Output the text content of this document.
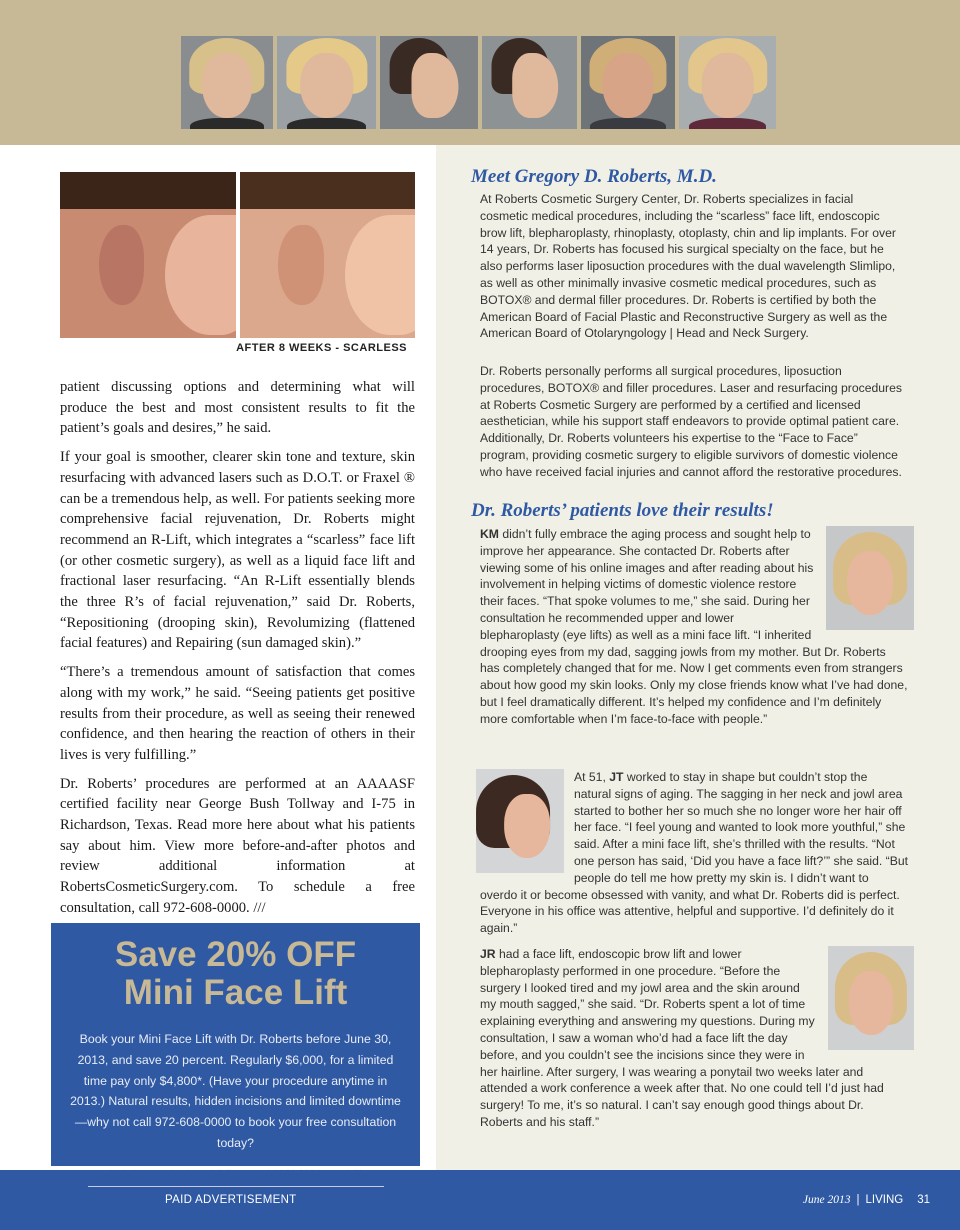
AFTER 8 WEEKS - SCARLESS

patient discussing options and determining what will produce the best and most consistent results to fit the patient’s goals and desires,” he said.

If your goal is smoother, clearer skin tone and texture, skin resurfacing with advanced lasers such as D.O.T. or Fraxel ® can be a tremendous help, as well. For patients seeking more comprehensive facial rejuvenation, Dr. Roberts might recommend an R-Lift, which integrates a “scarless” face lift (or other cosmetic surgery), as well as a liquid face lift and fractional laser resurfacing. “An R-Lift essentially blends the three R’s of facial rejuvenation,” said Dr. Roberts, “Repositioning (drooping skin), Revolumizing (flattened facial features) and Repairing (sun damaged skin).”

“There’s a tremendous amount of satisfaction that comes along with my work,” he said. “Seeing patients get positive results from their procedure, as well as seeing their renewed confidence, and then hearing the reaction of others in their lives is very fulfilling.”

Dr. Roberts’ procedures are performed at an AAAASF certified facility near George Bush Tollway and I-75 in Richardson, Texas. Read more here about what his patients say about him. View more before-and-after photos and review additional information at RobertsCosmeticSurgery.com. To schedule a free consultation, call 972-608-0000. ///

Save 20% OFF
Mini Face Lift
Book your Mini Face Lift with Dr. Roberts before June 30, 2013, and save 20 percent. Regularly $6,000, for a limited time pay only $4,800*. (Have your procedure anytime in 2013.) Natural results, hidden incisions and limited downtime—why not call 972-608-0000 to book your free consultation today?
Meet Gregory D. Roberts, M.D.

At Roberts Cosmetic Surgery Center, Dr. Roberts specializes in facial cosmetic medical procedures, including the “scarless” face lift, endoscopic brow lift, blepharoplasty, rhinoplasty, otoplasty, chin and lip implants. For over 14 years, Dr. Roberts has focused his surgical specialty on the face, but he also performs laser liposuction procedures with the dual wavelength Slimlipo, as well as other minimally invasive cosmetic medical procedures, such as BOTOX® and dermal filler procedures. Dr. Roberts is certified by both the American Board of Facial Plastic and Reconstructive Surgery as well as the American Board of Otolaryngology | Head and Neck Surgery.

Dr. Roberts personally performs all surgical procedures, liposuction procedures, BOTOX® and filler procedures. Laser and resurfacing procedures at Roberts Cosmetic Surgery are performed by a certified and licensed aesthetician, while his support staff endeavors to provide optimal patient care. Additionally, Dr. Roberts volunteers his expertise to the “Face to Face” program, providing cosmetic surgery to eligible survivors of domestic violence who have received facial injuries and cannot afford the restorative procedures.

Dr. Roberts’ patients love their results!
KM didn’t fully embrace the aging process and sought help to improve her appearance. She contacted Dr. Roberts after viewing some of his online images and after reading about his involvement in helping victims of domestic violence restore their faces. “That spoke volumes to me,” she said. During her consultation he recommended upper and lower blepharoplasty (eye lifts) as well as a mini face lift. “I inherited drooping eyes from my dad, sagging jowls from my mother. But Dr. Roberts has completely changed that for me. Now I get comments even from strangers about how good my skin looks. Only my close friends know what I’ve had done, but I feel dramatically different. It’s helped my confidence and I’m definitely more comfortable when I’m face-to-face with people.”
At 51, JT worked to stay in shape but couldn’t stop the natural signs of aging. The sagging in her neck and jowl area started to bother her so much she no longer wore her hair off her face. “I feel young and wanted to look more youthful,” she said. After a mini face lift, she’s thrilled with the results. “Not one person has said, ‘Did you have a face lift?’” she said. “But people do tell me how pretty my skin is. I didn’t want to overdo it or become obsessed with vanity, and what Dr. Roberts did is perfect. Everyone in his office was attentive, helpful and supportive. I’d definitely do it again.”
JR had a face lift, endoscopic brow lift and lower blepharoplasty performed in one procedure. “Before the surgery I looked tired and my jowl area and the skin around my mouth sagged,” she said. “Dr. Roberts spent a lot of time explaining everything and answering my questions. During my consultation, I saw a woman who’d had a face lift the day before, and you couldn’t see the incisions since they were in her hairline. After surgery, I was wearing a ponytail two weeks later and attended a work conference a week after that. No one could tell I’d just had surgery! To me, it’s so natural. I can’t say enough good things about Dr. Roberts and his staff.”
PAID ADVERTISEMENT	June 2013 | LIVING 31
